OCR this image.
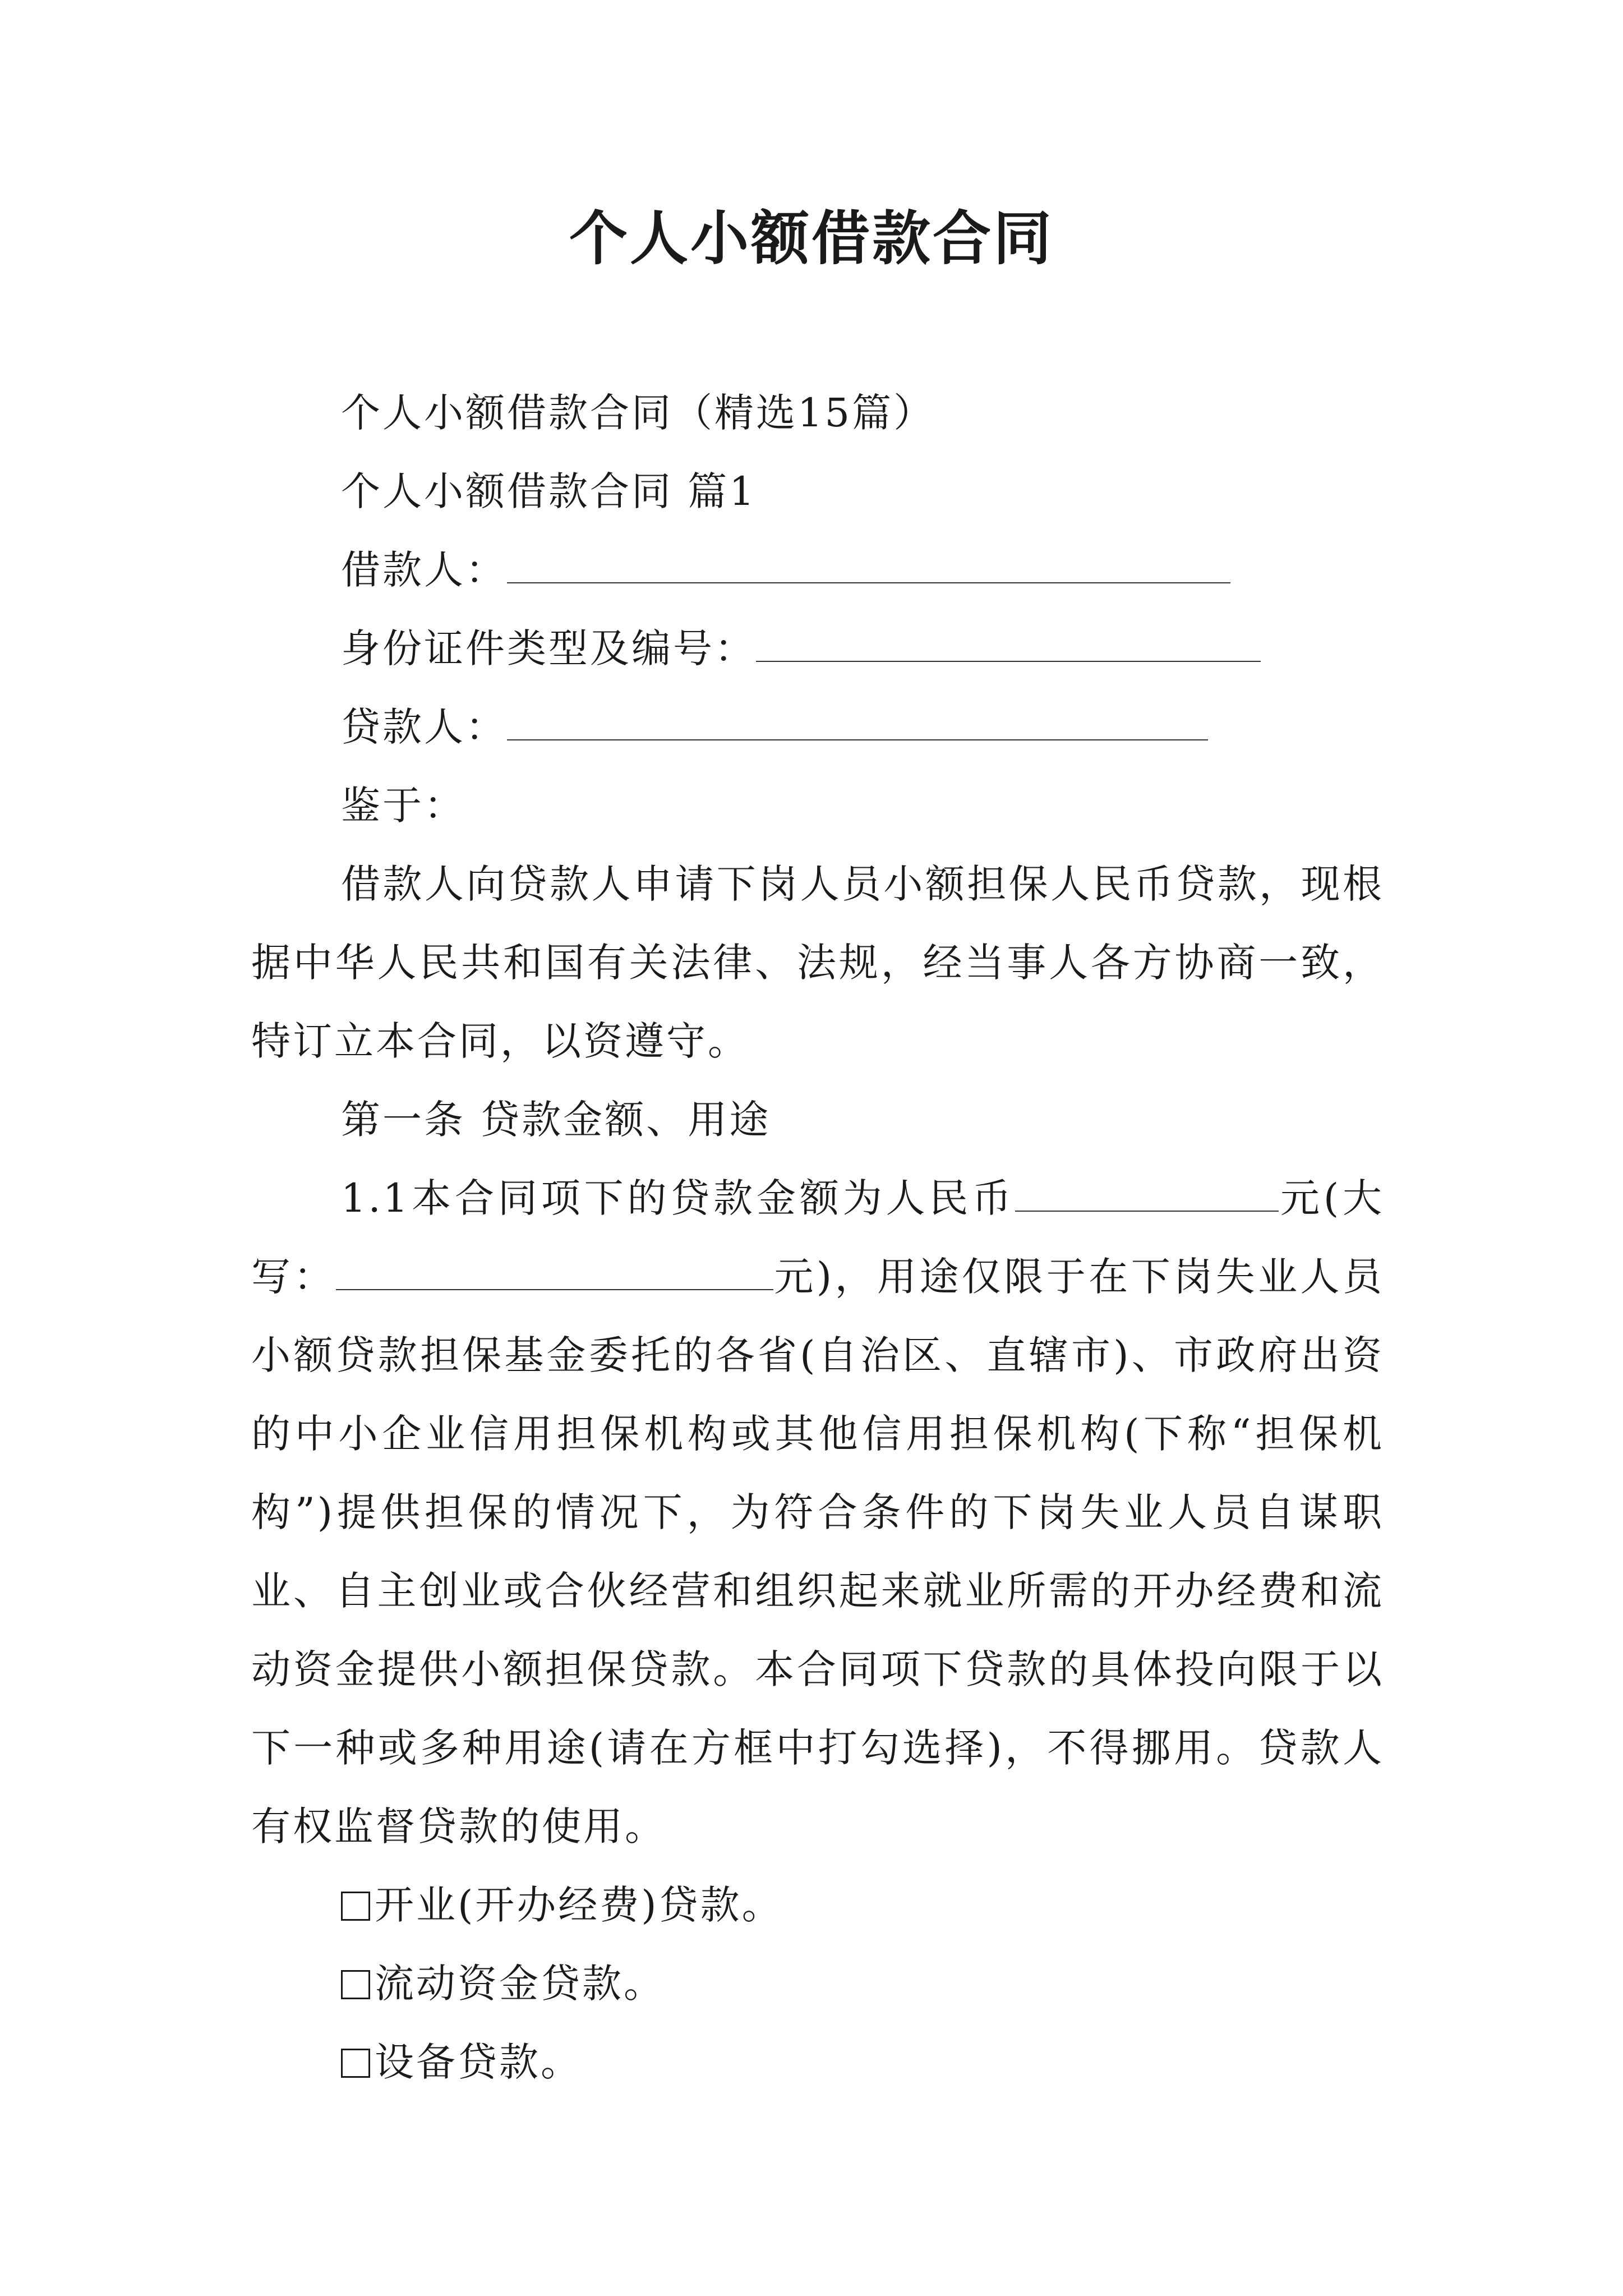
个人小额借款合同

个人小额借款合同（精选15篇）

个人小额借款合同 篇1

借款人：

身份证件类型及编号：

贷款人：

鉴于：

借款人向贷款人申请下岗人员小额担保人民币贷款，现根据中华人民共和国有关法律、法规，经当事人各方协商一致，特订立本合同，以资遵守。

第一条 贷款金额、用途

1.1本合同项下的贷款金额为人民币	元(大写：	元)，用途仅限于在下岗失业人员小额贷款担保基金委托的各省(自治区、直辖市)、市政府出资的中小企业信用担保机构或其他信用担保机构(下称“担保机构”)提供担保的情况下，为符合条件的下岗失业人员自谋职业、自主创业或合伙经营和组织起来就业所需的开办经费和流动资金提供小额担保贷款。本合同项下贷款的具体投向限于以下一种或多种用途(请在方框中打勾选择)，不得挪用。贷款人有权监督贷款的使用。

开业(开办经费)贷款。

流动资金贷款。

设备贷款。
